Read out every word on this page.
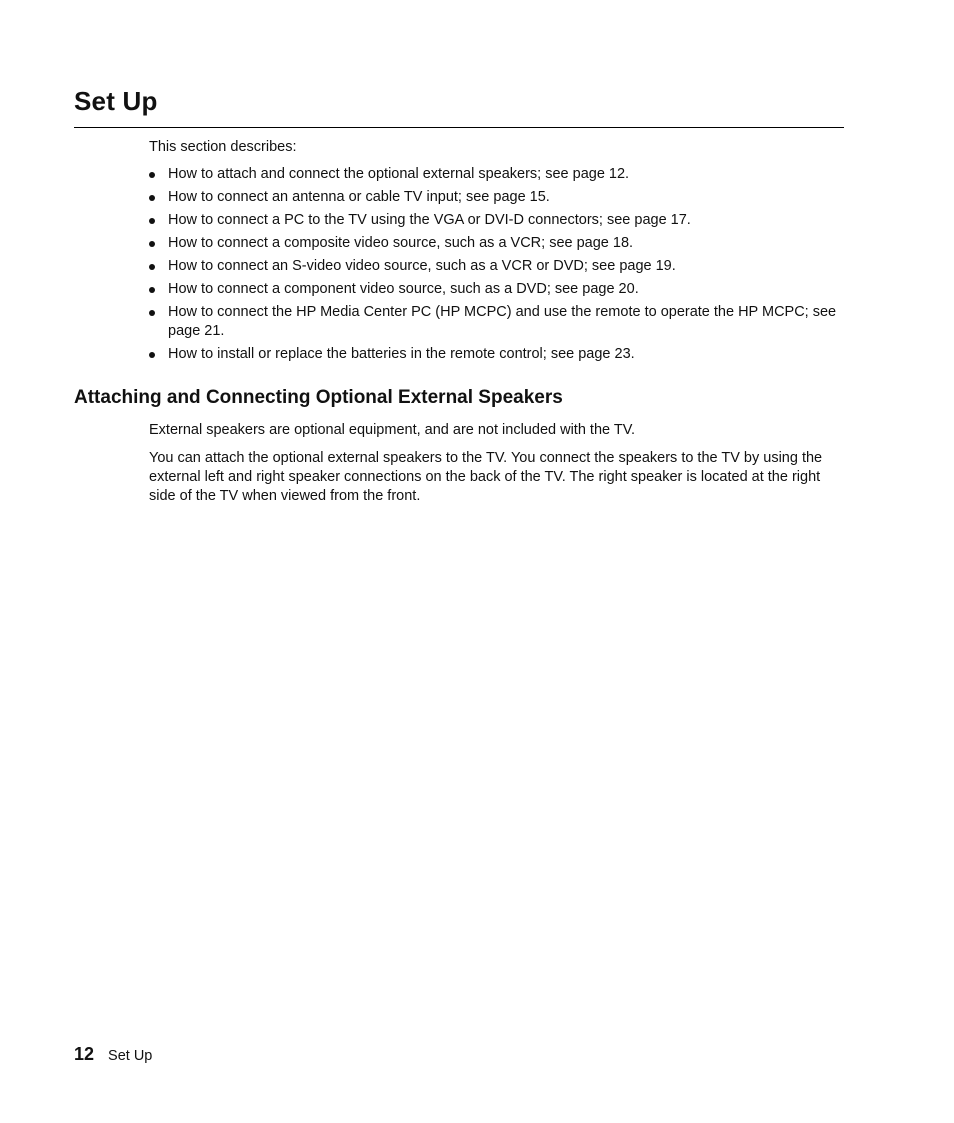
Set Up

This section describes:

How to attach and connect the optional external speakers; see page 12.
How to connect an antenna or cable TV input; see page 15.
How to connect a PC to the TV using the VGA or DVI-D connectors; see page 17.
How to connect a composite video source, such as a VCR; see page 18.
How to connect an S-video video source, such as a VCR or DVD; see page 19.
How to connect a component video source, such as a DVD; see page 20.
How to connect the HP Media Center PC (HP MCPC) and use the remote to operate the HP MCPC; see page 21.
How to install or replace the batteries in the remote control; see page 23.
Attaching and Connecting Optional External Speakers

External speakers are optional equipment, and are not included with the TV.

You can attach the optional external speakers to the TV. You connect the speakers to the TV by using the external left and right speaker connections on the back of the TV. The right speaker is located at the right side of the TV when viewed from the front.

12 Set Up
